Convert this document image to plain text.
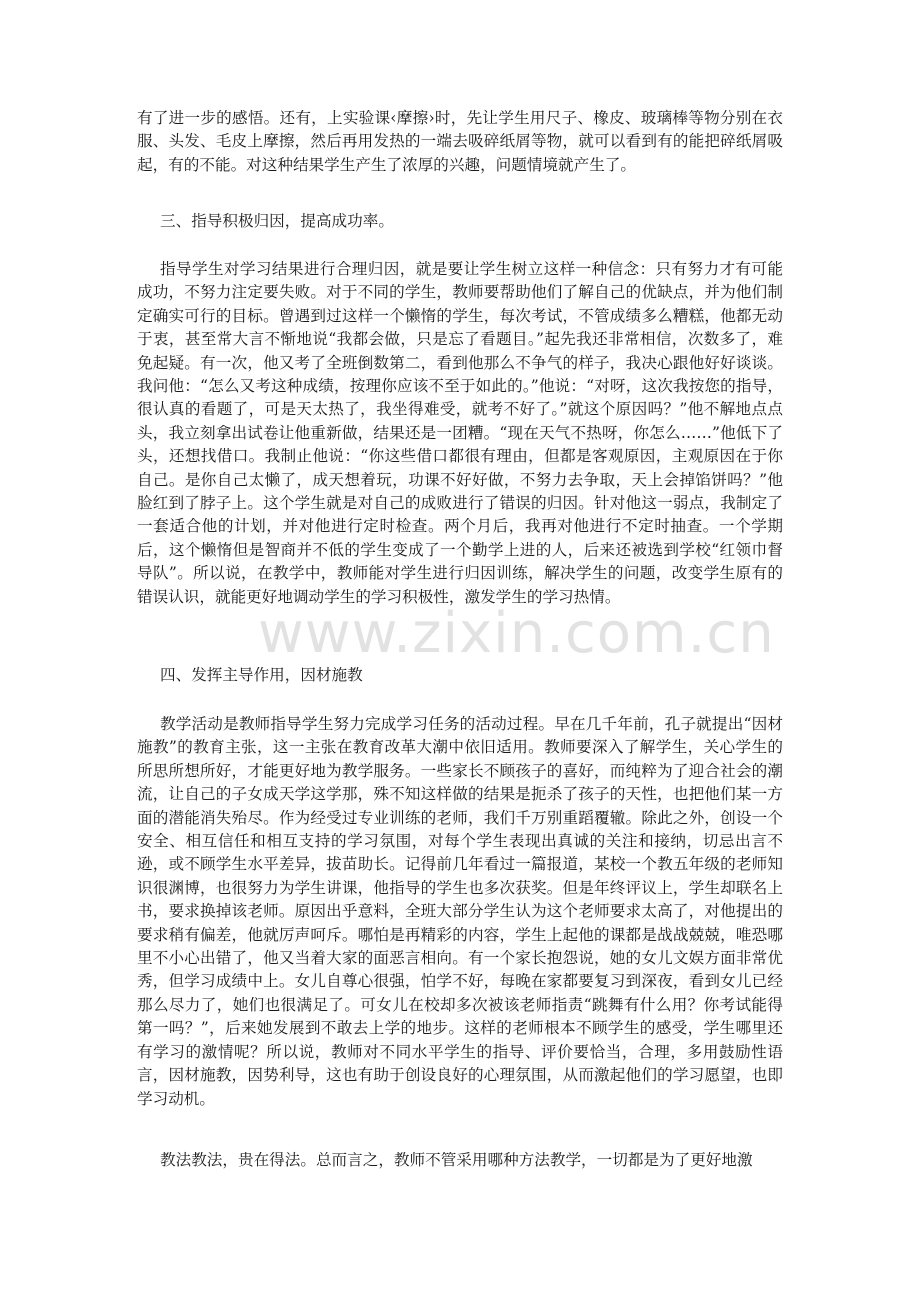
有了进一步的感悟。还有，上实验课‹摩擦›时，先让学生用尺子、橡皮、玻璃棒等物分别在衣服、头发、毛皮上摩擦，然后再用发热的一端去吸碎纸屑等物，就可以看到有的能把碎纸屑吸起，有的不能。对这种结果学生产生了浓厚的兴趣，问题情境就产生了。

三、指导积极归因，提高成功率。

指导学生对学习结果进行合理归因，就是要让学生树立这样一种信念：只有努力才有可能成功，不努力注定要失败。对于不同的学生，教师要帮助他们了解自己的优缺点，并为他们制定确实可行的目标。曾遇到过这样一个懒惰的学生，每次考试，不管成绩多么糟糕，他都无动于衷，甚至常大言不惭地说“我都会做，只是忘了看题目。”起先我还非常相信，次数多了，难免起疑。有一次，他又考了全班倒数第二，看到他那么不争气的样子，我决心跟他好好谈谈。我问他：“怎么又考这种成绩，按理你应该不至于如此的。”他说：“对呀，这次我按您的指导，很认真的看题了，可是天太热了，我坐得难受，就考不好了。”就这个原因吗？”他不解地点点头，我立刻拿出试卷让他重新做，结果还是一团糟。“现在天气不热呀，你怎么……”他低下了头，还想找借口。我制止他说：“你这些借口都很有理由，但都是客观原因，主观原因在于你自己。是你自己太懒了，成天想着玩，功课不好好做，不努力去争取，天上会掉馅饼吗？”他脸红到了脖子上。这个学生就是对自己的成败进行了错误的归因。针对他这一弱点，我制定了一套适合他的计划，并对他进行定时检查。两个月后，我再对他进行不定时抽查。一个学期后，这个懒惰但是智商并不低的学生变成了一个勤学上进的人，后来还被选到学校“红领巾督导队”。所以说，在教学中，教师能对学生进行归因训练，解决学生的问题，改变学生原有的错误认识，就能更好地调动学生的学习积极性，激发学生的学习热情。

四、发挥主导作用，因材施教

教学活动是教师指导学生努力完成学习任务的活动过程。早在几千年前，孔子就提出“因材施教”的教育主张，这一主张在教育改革大潮中依旧适用。教师要深入了解学生，关心学生的所思所想所好，才能更好地为教学服务。一些家长不顾孩子的喜好，而纯粹为了迎合社会的潮流，让自己的子女成天学这学那，殊不知这样做的结果是扼杀了孩子的天性，也把他们某一方面的潜能消失殆尽。作为经受过专业训练的老师，我们千万别重蹈覆辙。除此之外，创设一个安全、相互信任和相互支持的学习氛围，对每个学生表现出真诚的关注和接纳，切忌出言不逊，或不顾学生水平差异，拔苗助长。记得前几年看过一篇报道，某校一个教五年级的老师知识很渊博，也很努力为学生讲课，他指导的学生也多次获奖。但是年终评议上，学生却联名上书，要求换掉该老师。原因出乎意料，全班大部分学生认为这个老师要求太高了，对他提出的要求稍有偏差，他就厉声呵斥。哪怕是再精彩的内容，学生上起他的课都是战战兢兢，唯恐哪里不小心出错了，他又当着大家的面恶言相向。有一个家长抱怨说，她的女儿文娱方面非常优秀，但学习成绩中上。女儿自尊心很强，怕学不好，每晚在家都要复习到深夜，看到女儿已经那么尽力了，她们也很满足了。可女儿在校却多次被该老师指责“跳舞有什么用？你考试能得第一吗？”，后来她发展到不敢去上学的地步。这样的老师根本不顾学生的感受，学生哪里还有学习的激情呢？所以说，教师对不同水平学生的指导、评价要恰当，合理，多用鼓励性语言，因材施教，因势利导，这也有助于创设良好的心理氛围，从而激起他们的学习愿望，也即学习动机。

教法教法，贵在得法。总而言之，教师不管采用哪种方法教学，一切都是为了更好地激

www.zixin.com.cn
